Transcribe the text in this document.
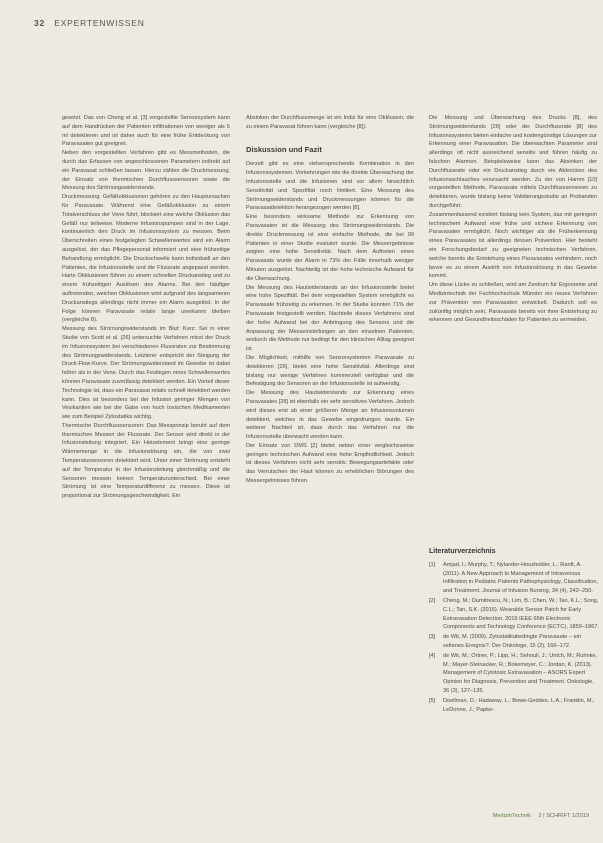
32 EXPERTENWISSEN

gesetzt. Das von Cheng et al. [3] vorgestellte Sensorsystem kann auf dem Handrücken der Patienten infiltrationen von weniger als 5 ml detektieren und ist daher auch für eine frühe Entdeckung von Paravasaten gut geeignet.

Neben den vorgestellten Verfahren gibt es Messmethoden, die durch das Erfassen von angeschlossenen Parametern indirekt auf ein Paravasat schließen lassen. Hierzu zählen die Druckmessung, der Einsatz von thermischen Durchflusssensoren sowie die Messung des Strömungswiderstands.

Druckmessung: Gefäßokklusionen gehören zu den Hauptursachen für Paravasate. Während eine Gefäßokklusion zu einem Totalverschluss der Vene führt, blockiert eine weiche Okklusion das Gefäß nur teilweise. Moderne Infusionspumpen sind in der Lage, kontinuierlich den Druck im Infusionssystem zu messen. Beim Überschreiten eines festgelegten Schwellenwertes wird ein Alarm ausgelöst, der das Pflegepersonal informiert und eine frühzeitige Behandlung ermöglicht. Die Druckschwelle kann individuell an den Patienten, die Infusionsstelle und die Flussrate angepasst werden. Harte Okklusionen führen zu einem schnellen Druckanstieg und zu einem frühzeitigen Auslösen des Alarms. Bei den häufiger auftretenden, weichen Okklusionen wird aufgrund des langsameren Druckanstiegs allerdings nicht immer ein Alarm ausgelöst. In der Folge können Paravasate relativ lange unerkannt bleiben (vergleiche 8).

Messung des Strömungswiderstands im Blut: Kurz: Sei in einer Studie von Scott et al. [26] untersuchte Verfahren misst der Druck im Infusionssystem bei verschiedenen Flussraten zur Bestimmung des Strömungswiderstands. Letzterer entspricht der Steigung der Druck-Flow-Kurve. Der Strömungswiderstand im Gewebe ist dabei höher als in der Vene. Durch das Festlegen eines Schwellenwertes können Paravasate zuverlässig detektiert werden. Ein Vorteil dieser Technologie ist, dass ein Paravasat relativ schnell detektiert werden kann. Dies ist besonders bei der Infusion geringer Mengen von Vesikantien wie bei der Gabe von hoch toxischen Medikamenten wie zum Beispiel Zytostatika wichtig.

Thermische Durchflusssensoren: Das Messprinzip beruht auf dem thermischen Messen der Flussrate. Der Sensor wird direkt in der Infusionsleitung integriert. Ein Heizelement bringt eine geringe Wärmemenge in die Infusionslösung ein, die von zwei Temperatursensoren detektiert wird. Unter einer Strömung entsteht auf der Temperatur in der Infusionsleitung gleichmäßig und die Sensoren messen keinen Temperaturunterschied. Bei einer Strömung ist eine Temperaturdifferenz zu messen. Diese ist proportional zur Strömungsgeschwindigkeit. Ein

Absinken der Durchflussmenge ist ein Indiz für eine Okklusion, die zu einem Paravasat führen kann (vergleiche [8]).

Diskussion und Fazit

Derzeit gibt es eine vielversprechende Kombination in den Infusionssystemen. Vorkehrungen wie die direkte Überwachung der Infusionsstelle und die Infusionen sind vor allem hinsichtlich Sensitivität und Spezifität noch limitiert. Eine Messung des Strömungswiderstands und Druckmessungen können für die Paravasatdetektion herangezogen werden [8].

Eine besonders wirksame Methode zur Erkennung von Paravasaten ist die Messung des Strömungswiderstands. Die direkte Druckmessung ist eine einfache Methode, die bei 99 Patienten in einer Studie evaluiert wurde. Die Messergebnisse zeigten eine hohe Sensitivität. Nach dem Auftreten eines Paravasats wurde der Alarm in 73% der Fälle innerhalb weniger Minuten ausgelöst. Nachteilig ist der hohe technische Aufwand für die Überwachung.

Die Messung des Hautwiderstands an der Infusionsstelle bietet eine hohe Spezifität. Bei dem vorgestellten System ermöglicht es Paravasate frühzeitig zu erkennen. In der Studie konnten 71% der Paravasate festgestellt werden. Nachteile dieses Verfahrens sind der hohe Aufwand bei der Anbringung des Sensors und die Anpassung der Messeinstellungen an den einzelnen Patienten, wodurch die Methode nur bedingt für den klinischen Alltag geeignet ist.

Die Möglichkeit, mithilfe von Sensorsystemen Paravasate zu detektieren [26], bietet eine hohe Sensitivität. Allerdings sind bislang nur wenige Verfahren kommerziell verfügbar und die Befestigung der Sensoren an der Infusionsstelle ist aufwendig.

Die Messung des Hautwiderstands zur Erkennung eines Paravasates [28] ist ebenfalls ein sehr sensitives Verfahren. Jedoch wird dieses erst ab einer größeren Menge an Infusionsvolumen detektiert, welches in das Gewebe eingedrungen wurde. Ein weiterer Nachteil ist, dass durch das Verfahren nur die Infusionsstelle überwacht werden kann.

Der Einsatz von DMS [2] bietet neben einer vergleichsweise geringen technischen Aufwand eine hohe Empfindlichkeit. Jedoch ist dieses Verfahren nicht sehr sensitiv. Bewegungsartefakte oder das Verrutschen der Haut können zu erheblichen Störungen des Messergebnisses führen.

Die Messung und Überwachung des Drucks [8], des Strömungswiderstands [26] oder der Durchflussrate [8] des Infusionssystems bieten einfache und kostengünstige Lösungen zur Erkennung einer Paravasation. Die überwachten Parameter sind allerdings oft nicht ausreichend sensitiv und führen häufig zu falschen Alarmen. Beispielsweise kann das Absinken der Durchflussrate oder ein Druckanstieg durch ein Abknicken des Infusionsschlauches verursacht werden. Zu der von Hamm [10] vorgestellten Methode, Paravasate mittels Durchflusssensoren zu detektieren, wurde bislang keine Validierungsstudie an Probanden durchgeführt.

Zusammenfassend existiert bislang kein System, das mit geringem technischem Aufwand eine frühe und sichere Erkennung von Paravasaten ermöglicht. Noch wichtiger als die Früherkennung eines Paravasates ist allerdings dessen Prävention. Hier besteht ein Forschungsbedarf zu geeigneten technischen Verfahren, welche bereits die Entstehung eines Paravasates verhindern, noch bevor es zu einem Austritt von Infusionslösung in das Gewebe kommt.

Um diese Lücke zu schließen, wird am Zentrum für Ergonomie und Medizintechnik der Fachhochschule Münster ein neues Verfahren zur Prävention von Paravasaten entwickelt. Dadurch soll es zukünftig möglich sein, Paravasate bereits vor ihrer Entstehung zu erkennen und Gesundheitsschäden für Patienten zu vermeiden.

Literaturverzeichnis
[1]	Amjad, I.; Murphy, T.; Nylander-Housholder, L.; Ranft, A. (2011). A New Approach to Management of Intravenous Infiltration in Pediatric Patients Pathophysiology, Classification, and Treatment. Journal of Infusion Nursing, 34 (4), 242–250.
[2]	Cheng, M.; Dumitrescu, N.; Lim, B.; Chen, W.; Tan, K.L.; Song, C.L.; Tan, S.K. (2016). Wearable Sensor Patch for Early Extravasation Detection. 2016 IEEE 66th Electronic Components and Technology Conference (ECTC), 1859–1867.
[3]	de Wit, M. (2009). Zytostatikabedingte Paravasate – ein seltenes Ereignis?. Der Onkologe, 15 (2), 166–172.
[4]	de Wit, M.; Ortner, P.; Lipp, H.; Sehouli, J.; Untch, M.; Ruhnke, M.; Mayer-Steinacker, R.; Bokemeyer, C.; Jordan, K. (2013). Management of Cytotoxic Extravasation – ASORS Expert Opinion for Diagnosis, Prevention and Treatment. Onkologie, 36 (3), 127–135.
[5]	Doellman, D.; Hadaway, L.; Bowe-Geddes, L.A.; Franklin, M.; LeDonne, J.; Papke-
MedizinTechnik 2 | SCHRIFT 1/2019
